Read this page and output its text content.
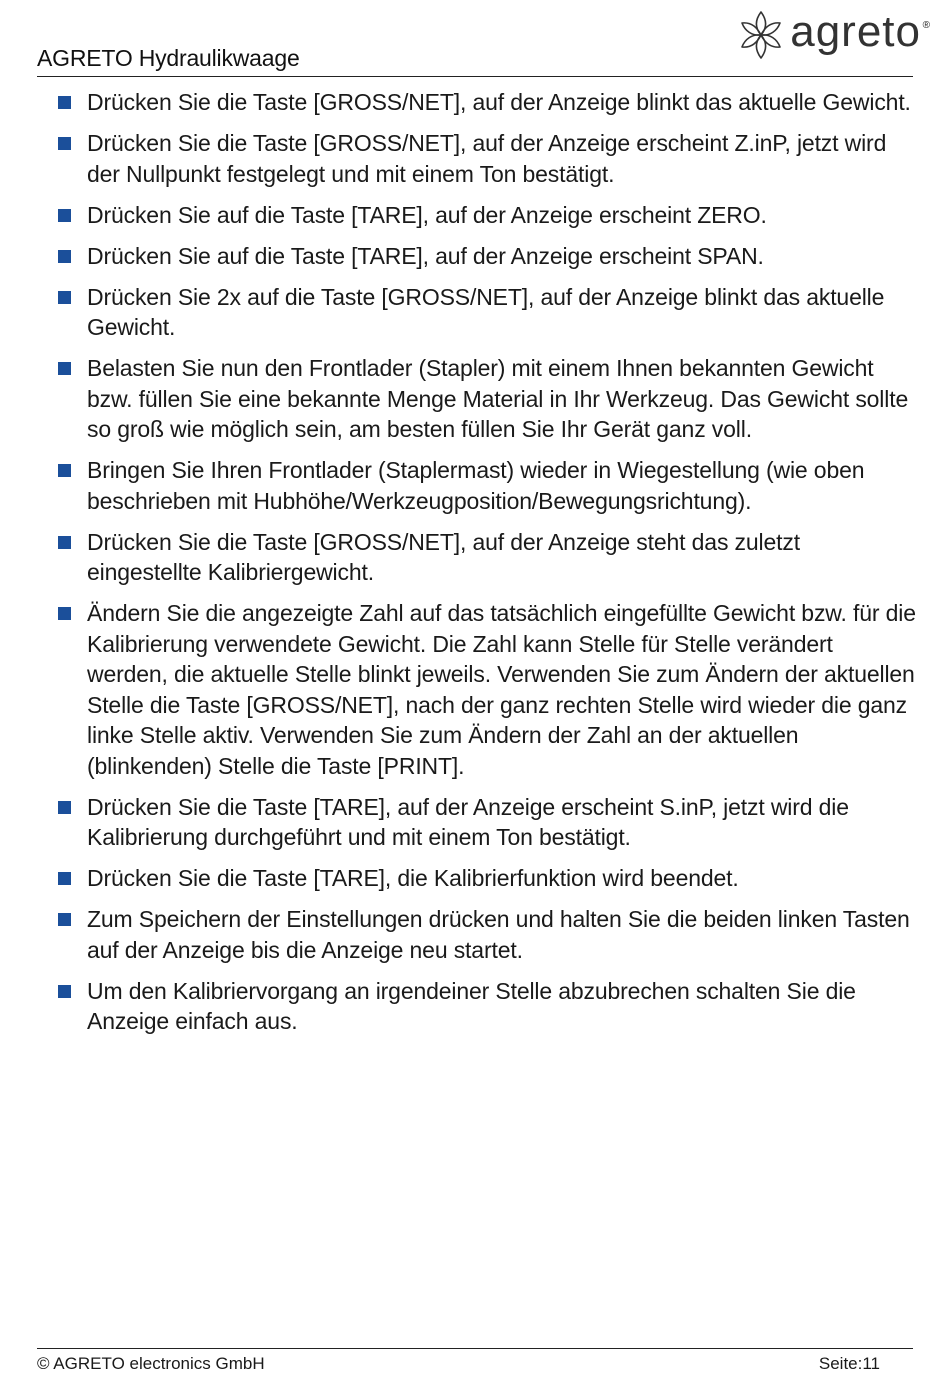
AGRETO Hydraulikwaage
agreto ®
Drücken Sie die Taste [GROSS/NET], auf der Anzeige blinkt das aktuelle Gewicht.
Drücken Sie die Taste [GROSS/NET], auf der Anzeige erscheint Z.inP, jetzt wird der Nullpunkt festgelegt und mit einem Ton bestätigt.
Drücken Sie auf die Taste [TARE], auf der Anzeige erscheint ZERO.
Drücken Sie auf die Taste [TARE], auf der Anzeige erscheint SPAN.
Drücken Sie 2x auf die Taste [GROSS/NET], auf der Anzeige blinkt das aktuelle Gewicht.
Belasten Sie nun den Frontlader (Stapler) mit einem Ihnen bekannten Gewicht bzw. füllen Sie eine bekannte Menge Material in Ihr Werkzeug. Das Gewicht sollte so groß wie möglich sein, am besten füllen Sie Ihr Gerät ganz voll.
Bringen Sie Ihren Frontlader (Staplermast) wieder in Wiegestellung (wie oben beschrieben mit Hubhöhe/Werkzeugposition/Bewegungsrichtung).
Drücken Sie die Taste [GROSS/NET], auf der Anzeige steht das zuletzt eingestellte Kalibriergewicht.
Ändern Sie die angezeigte Zahl auf das tatsächlich eingefüllte Gewicht bzw. für die Kalibrierung verwendete Gewicht. Die Zahl kann Stelle für Stelle verändert werden, die aktuelle Stelle blinkt jeweils. Verwenden Sie zum Ändern der aktuellen Stelle die Taste [GROSS/NET], nach der ganz rechten Stelle wird wieder die ganz linke Stelle aktiv. Verwenden Sie zum Ändern der Zahl an der aktuellen (blinkenden) Stelle die Taste [PRINT].
Drücken Sie die Taste [TARE], auf der Anzeige erscheint S.inP, jetzt wird die Kalibrierung durchgeführt und mit einem Ton bestätigt.
Drücken Sie die Taste [TARE], die Kalibrierfunktion wird beendet.
Zum Speichern der Einstellungen drücken und halten Sie die beiden linken Tasten auf der Anzeige bis die Anzeige neu startet.
Um den Kalibriervorgang an irgendeiner Stelle abzubrechen schalten Sie die Anzeige einfach aus.
© AGRETO electronics GmbH	Seite:11
